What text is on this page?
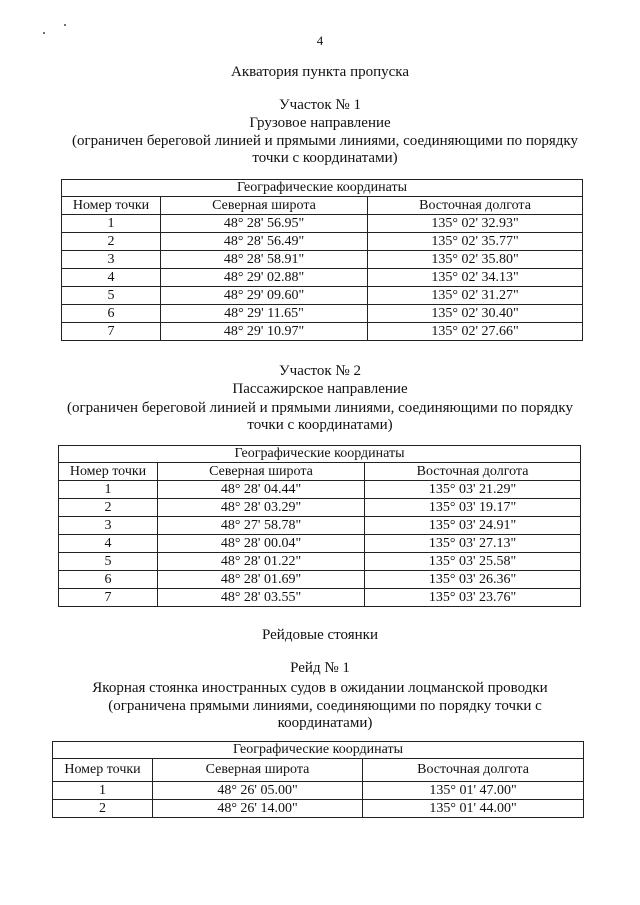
4
Акватория пункта пропуска
Участок № 1
Грузовое направление
(ограничен береговой линией и прямыми линиями, соединяющими по порядку
точки с координатами)
Географические координаты		
Номер точки	Северная широта	Восточная долгота
1	48° 28' 56.95"	135° 02' 32.93"
2	48° 28' 56.49"	135° 02' 35.77"
3	48° 28' 58.91"	135° 02' 35.80"
4	48° 29' 02.88"	135° 02' 34.13"
5	48° 29' 09.60"	135° 02' 31.27"
6	48° 29' 11.65"	135° 02' 30.40"
7	48° 29' 10.97"	135° 02' 27.66"
Участок № 2
Пассажирское направление
(ограничен береговой линией и прямыми линиями, соединяющими по порядку
точки с координатами)
Географические координаты		
Номер точки	Северная широта	Восточная долгота
1	48° 28' 04.44"	135° 03' 21.29"
2	48° 28' 03.29"	135° 03' 19.17"
3	48° 27' 58.78"	135° 03' 24.91"
4	48° 28' 00.04"	135° 03' 27.13"
5	48° 28' 01.22"	135° 03' 25.58"
6	48° 28' 01.69"	135° 03' 26.36"
7	48° 28' 03.55"	135° 03' 23.76"
Рейдовые стоянки
Рейд № 1
Якорная стоянка иностранных судов в ожидании лоцманской проводки
(ограничена прямыми линиями, соединяющими по порядку точки с
координатами)
Географические координаты		
Номер точки	Северная широта	Восточная долгота
1	48° 26' 05.00"	135° 01' 47.00"
2	48° 26' 14.00"	135° 01' 44.00"
